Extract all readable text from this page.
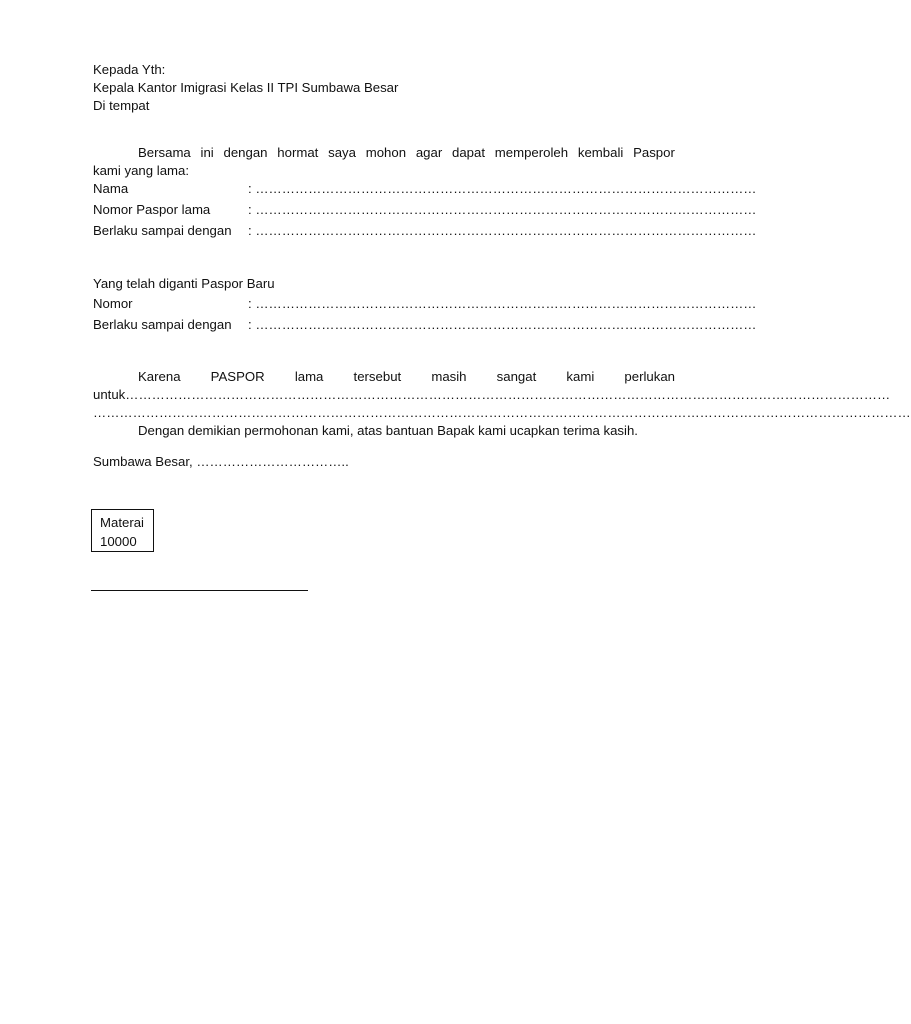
Kepada Yth:
Kepala Kantor Imigrasi Kelas II TPI Sumbawa Besar
Di tempat
Bersama ini dengan hormat saya mohon agar dapat memperoleh kembali Paspor
kami yang lama:
Nama	: ……………………………………………………………………………………………………
Nomor Paspor lama	: ……………………………………………………………………………………………………
Berlaku sampai dengan : ……………………………………………………………………………………………………
Yang telah diganti Paspor Baru
Nomor	: ……………………………………………………………………………………………………
Berlaku sampai dengan : ……………………………………………………………………………………………………
Karena PASPOR lama tersebut masih sangat kami perlukan
untuk…………………………………………………………………………………………………………………………………………………………
……………………………………………………………………………………………………………………………………………………………………
Dengan demikian permohonan kami, atas bantuan Bapak kami ucapkan terima kasih.
Sumbawa Besar, ……………………………..
Materai
10000
